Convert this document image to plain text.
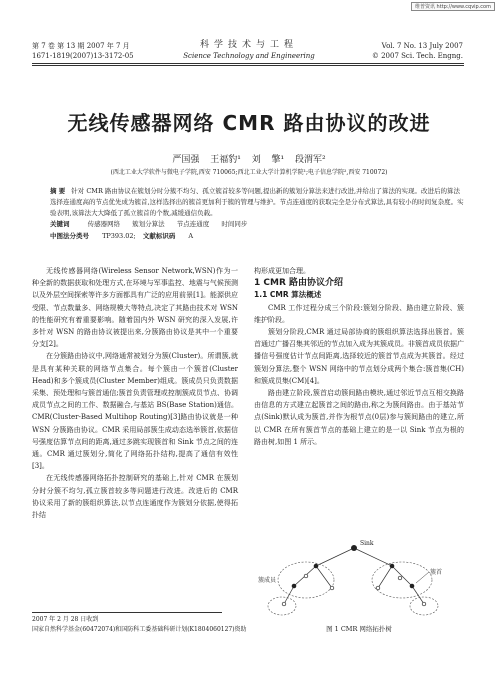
维普资讯 http://www.cqvip.com
第 7 卷 第 13 期 2007 年 7 月
1671-1819(2007)13-3172-05
科学技术与工程
Science Technology and Engineering
Vol. 7 No. 13 July 2007
© 2007 Sci. Tech. Engng.
无线传感器网络 CMR 路由协议的改进
严国强 王福豹¹ 刘 擎¹ 段渭军²
(西北工业大学软件与微电子学院,西安 710065;西北工业大学计算机学院¹;电子信息学院²,西安 710072)
摘 要 针对 CMR 路由协议在簇划分时分簇不均匀、孤立簇首较多等问题,提出新的簇划分算法来进行改进,并给出了算法的实现。改进后的算法选择连通度高的节点优先成为簇首,这样选择出的簇首更加利于簇的管理与维护。节点连通度的获取完全是分布式算法,具有较小的时间复杂度。实验表明,该算法大大降低了孤立簇首的个数,减缓通信负载。
关键词	传感器网络 簇划分算法 节点连通度 时间同步
中图法分类号 TP393.02; 文献标识码 A

无线传感器网络(Wireless Sensor Network,WSN)作为一种全新的数据获取和处理方式,在环境与军事监控、地震与气候预测以及外层空间探索等许多方面都具有广泛的应用前景[1]。能源供应受限、节点数量多、网络规模大等特点,决定了其路由技术对 WSN 的性能研究有着重要影响。随着国内外 WSN 研究的深入发展,许多针对 WSN 的路由协议被提出来,分簇路由协议是其中一个重要分支[2]。

在分簇路由协议中,网络通常被划分为簇(Cluster)。所谓簇,就是具有某种关联的网络节点集合。每个簇由一个簇首(Cluster Head)和多个簇成员(Cluster Member)组成。簇成员只负责数据采集、预处理和与簇首通信;簇首负责管理或控制簇成员节点、协调成员节点之间的工作、数据融合,与基站 BS(Base Station)通信。CMR(Cluster-Based Multihop Routing)[3]路由协议就是一种 WSN 分簇路由协议。CMR 采用局部簇生成动态选举簇首,依据信号强度估算节点间的距离,通过多跳实现簇首和 Sink 节点之间的连通。CMR 通过簇划分,简化了网络拓扑结构,提高了通信有效性[3]。

在无线传感器网络拓扑控制研究的基础上,针对 CMR 在簇划分时分簇不均匀,孤立簇首较多等问题进行改进。改进后的 CMR 协议采用了新的簇组织算法,以节点连通度作为簇划分依据,使得拓扑结

构形成更加合理。

1 CMR 路由协议介绍

1.1 CMR 算法概述

CMR 工作过程分成三个阶段:簇划分阶段、路由建立阶段、簇维护阶段。

簇划分阶段,CMR 通过局部协商的簇组织算法选择出簇首。簇首通过广播召集其邻近的节点加入成为其簇成员。非簇首成员依据广播信号强度估计节点间距离,选择较近的簇首节点成为其簇首。经过簇划分算法,整个 WSN 网络中的节点划分成两个集合:簇首集(CH)和簇成员集(CM)[4]。

路由建立阶段,簇首启动簇间路由模块,通过邻近节点互相交换路由信息的方式建立起簇首之间的路由,称之为簇间路由。由于基站节点(Sink)默认成为簇首,并作为根节点(0层)参与簇间路由的建立,所以 CMR 在所有簇首节点的基础上建立的是一以 Sink 节点为根的路由树,如图 1 所示。

Sink
簇首
簇成员
图 1 CMR 网络拓扑树
2007 年 2 月 28 日收到
国家自然科学基金(60472074)和国防科工委基础科研计划(K1804060127)资助
